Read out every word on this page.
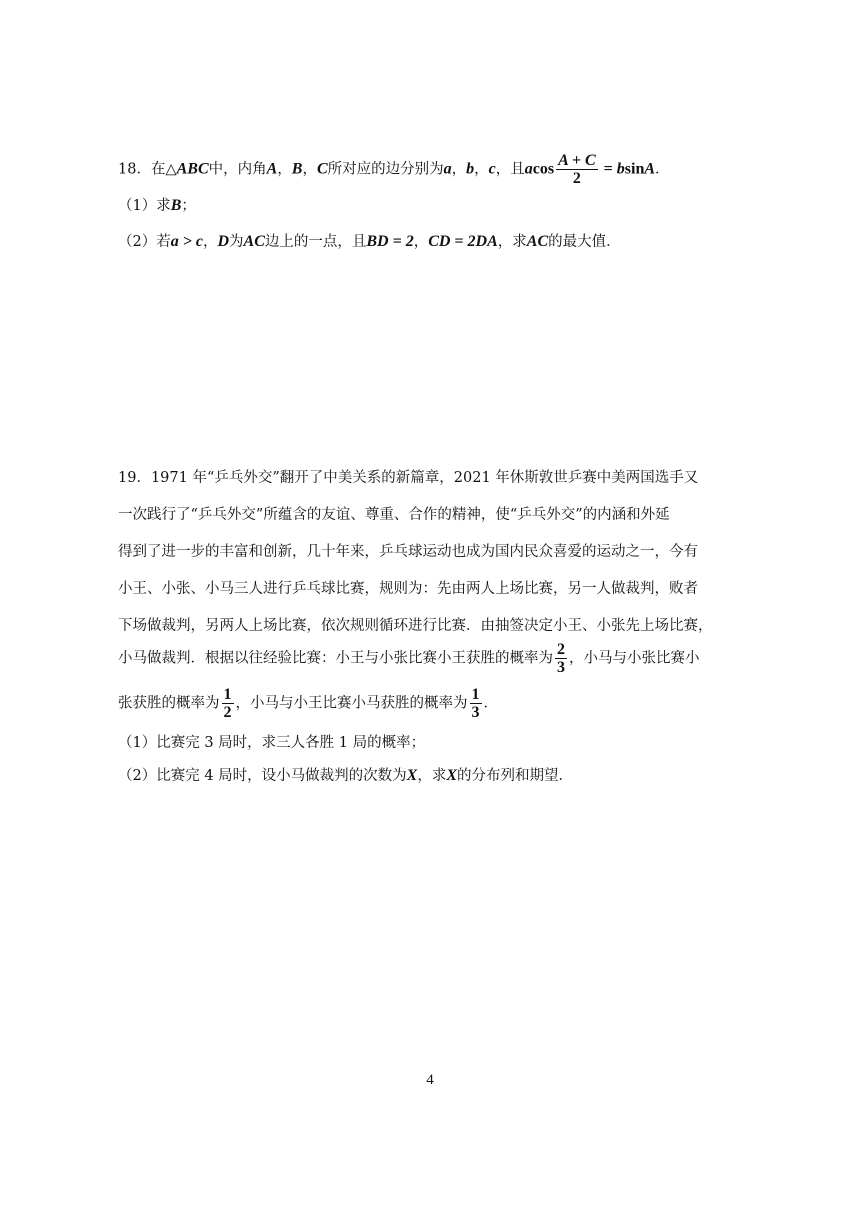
18．在△ABC中，内角A，B，C所对应的边分别为a，b，c，且acos $\frac{A + C}{2} = bsinA$．
（1）求B；
（2）若a > c，D为AC边上的一点，且BD = 2，CD = 2DA，求AC的最大值．
19．1971 年“乒乓外交”翻开了中美关系的新篇章，2021 年休斯敦世乒赛中美两国选手又
一次践行了“乒乓外交”所蕴含的友谊、尊重、合作的精神，使“乒乓外交”的内涵和外延
得到了进一步的丰富和创新，几十年来，乒乓球运动也成为国内民众喜爱的运动之一，今有
小王、小张、小马三人进行乒乓球比赛，规则为：先由两人上场比赛，另一人做裁判，败者
下场做裁判，另两人上场比赛，依次规则循环进行比赛．由抽签决定小王、小张先上场比赛，
小马做裁判．根据以往经验比赛：小王与小张比赛小王获胜的概率为 $\frac{2}{3}$ ，小马与小张比赛小
张获胜的概率为 $\frac{1}{2}$ ，小马与小王比赛小马获胜的概率为 $\frac{1}{3}$ ．
（1）比赛完 3 局时，求三人各胜 1 局的概率；
（2）比赛完 4 局时，设小马做裁判的次数为X，求X的分布列和期望．
4
